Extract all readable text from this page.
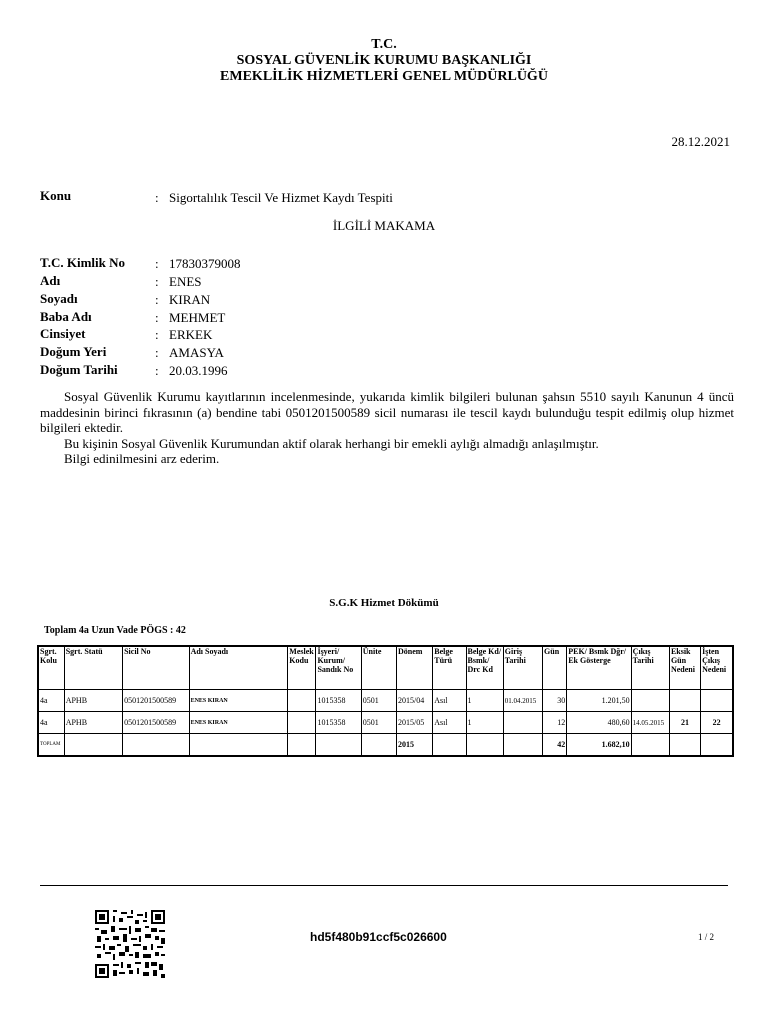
T.C.
SOSYAL GÜVENLİK KURUMU BAŞKANLIĞI
EMEKLİLİK HİZMETLERİ GENEL MÜDÜRLÜĞÜ
28.12.2021
Konu	: Sigortalılık Tescil Ve Hizmet Kaydı Tespiti
İLGİLİ MAKAMA
T.C. Kimlik No : 17830379008
Adı	: ENES
Soyadı	: KIRAN
Baba Adı	: MEHMET
Cinsiyet	: ERKEK
Doğum Yeri	: AMASYA
Doğum Tarihi	: 20.03.1996

Sosyal Güvenlik Kurumu kayıtlarının incelenmesinde, yukarıda kimlik bilgileri bulunan şahsın 5510 sayılı Kanunun 4 üncü maddesinin birinci fıkrasının (a) bendine tabi 0501201500589 sicil numarası ile tescil kaydı bulunduğu tespit edilmiş olup hizmet bilgileri ektedir.

Bu kişinin Sosyal Güvenlik Kurumundan aktif olarak herhangi bir emekli aylığı almadığı anlaşılmıştır.

Bilgi edinilmesini arz ederim.

S.G.K Hizmet Dökümü
Toplam 4a Uzun Vade PÖGS : 42
Sgrt. Kolu	Sgrt. Statü	Sicil No	Adı Soyadı	Meslek Kodu	İşyeri/ Kurum/ Sandık No	Ünite	Dönem	Belge Türü	Belge Kd/ Bsmk/ Drc Kd	Giriş Tarihi	Gün	PEK/ Bsmk Dğr/ Ek Gösterge	Çıkış Tarihi	Eksik Gün Nedeni	İşten Çıkış Nedeni
4a	APHB	0501201500589	ENES KIRAN		1015358	0501	2015/04	Asıl	1	01.04.2015	30	1.201,50			
4a	APHB	0501201500589	ENES KIRAN		1015358	0501	2015/05	Asıl	1		12	480,60	14.05.2015	21	22
TOPLAM							2015				42	1.682,10			
hd5f480b91ccf5c026600	1 / 2
